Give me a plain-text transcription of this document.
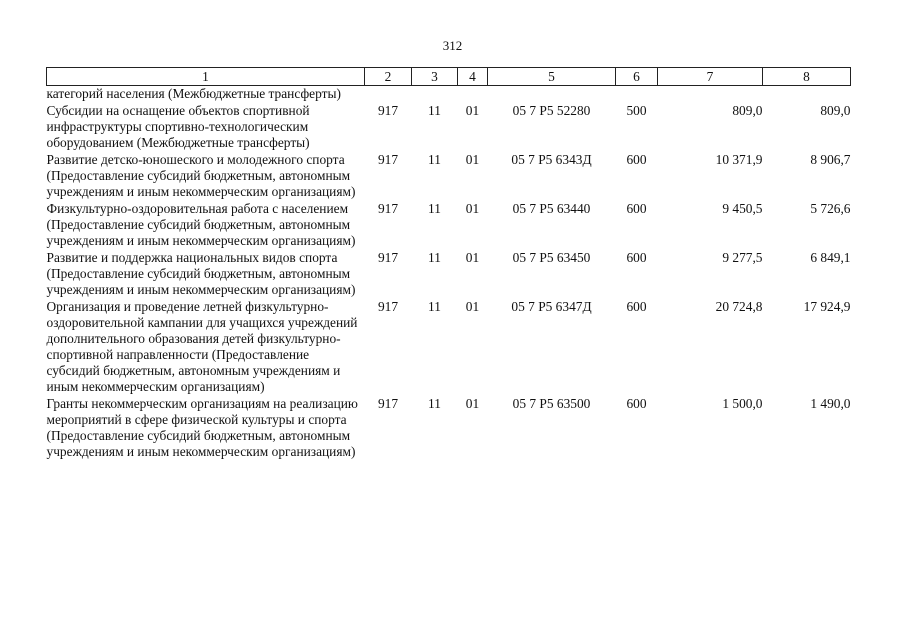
312
1	2	3	4	5	6	7	8
категорий населения (Межбюджетные трансферты)							
Субсидии на оснащение объектов спортивной инфраструктуры спортивно-технологическим оборудованием (Межбюджетные трансферты)	917	11	01	05 7 P5 52280	500	809,0	809,0
Развитие детско-юношеского и молодежного спорта (Предоставление субсидий бюджетным, автономным учреждениям и иным некоммерческим организациям)	917	11	01	05 7 P5 6343Д	600	10 371,9	8 906,7
Физкультурно-оздоровительная работа с населением (Предоставление субсидий бюджетным, автономным учреждениям и иным некоммерческим организациям)	917	11	01	05 7 P5 63440	600	9 450,5	5 726,6
Развитие и поддержка национальных видов спорта (Предоставление субсидий бюджетным, автономным учреждениям и иным некоммерческим организациям)	917	11	01	05 7 P5 63450	600	9 277,5	6 849,1
Организация и проведение летней физкультурно-оздоровительной кампании для учащихся учреждений дополнительного образования детей физкультурно-спортивной направленности (Предоставление субсидий бюджетным, автономным учреждениям и иным некоммерческим организациям)	917	11	01	05 7 P5 6347Д	600	20 724,8	17 924,9
Гранты некоммерческим организациям на реализацию мероприятий в сфере физической культуры и спорта (Предоставление субсидий бюджетным, автономным учреждениям и иным некоммерческим организациям)	917	11	01	05 7 P5 63500	600	1 500,0	1 490,0
